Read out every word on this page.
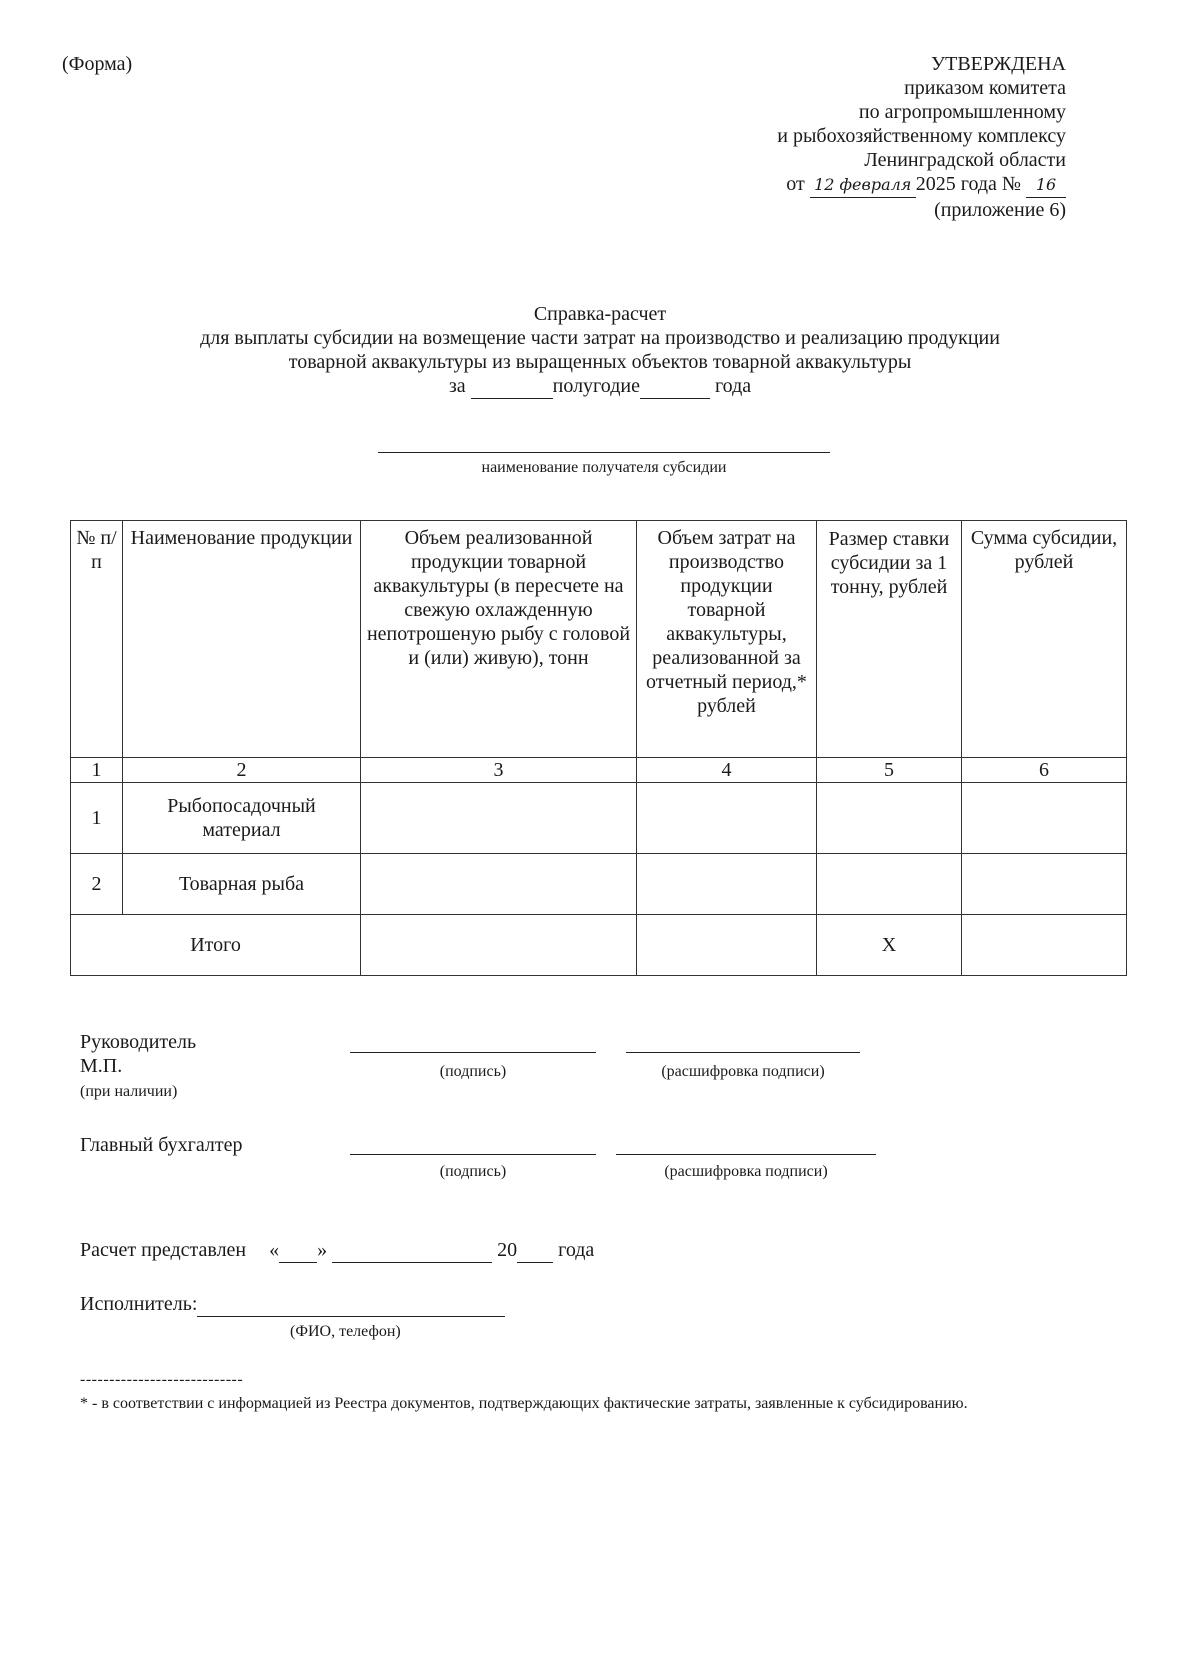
(Форма)	УТВЕРЖДЕНА
приказом комитета
по агропромышленному
и рыбохозяйственному комплексу
Ленинградской области
от 12 февраля 2025 года № 16
(приложение 6)
Справка-расчет
для выплаты субсидии на возмещение части затрат на производство и реализацию продукции
товарной аквакультуры из выращенных объектов товарной аквакультуры
за	полугодие	года
наименование получателя субсидии
№ п/п	Наименование продукции	Объем реализованной продукции товарной аквакультуры (в пересчете на свежую охлажденную непотрошеную рыбу с головой и (или) живую), тонн	Объем затрат на производство продукции товарной аквакультуры, реализованной за отчетный период,* рублей	Размер ставки субсидии за 1 тонну, рублей	Сумма субсидии, рублей
1	2	3	4	5	6
1	Рыбопосадочный материал				
2	Товарная рыба				
Итого				Х	
Руководитель
М.П.
(при наличии)
(подпись)	(расшифровка подписи)
Главный бухгалтер
(подпись)	(расшифровка подписи)
Расчет представлен « »	20 года
Исполнитель:
(ФИО, телефон)
----------------------------
* - в соответствии с информацией из Реестра документов, подтверждающих фактические затраты, заявленные к субсидированию.
